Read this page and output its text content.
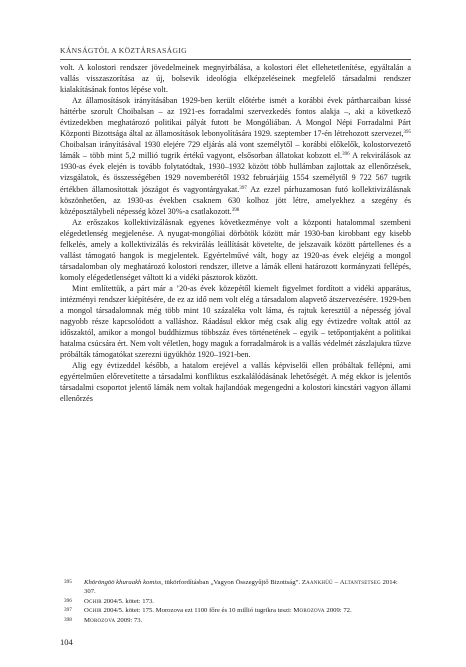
KÁNSÁGTÓL A KÖZTÁRSASÁGIG

volt. A kolostori rendszer jövedelmeinek megnyirbálása, a kolostori élet ellehetetlenítése, egyáltalán a vallás visszaszorítása az új, bolsevik ideológia elképzeléseinek megfelelő társadalmi rendszer kialakításának fontos lépése volt.

Az államosítások irányításában 1929-ben került előtérbe ismét a korábbi évek pártharcaiban kissé háttérbe szorult Choibalsan – az 1921-es forradalmi szervezkedés fontos alakja –, aki a következő évtizedekben meghatározó politikai pályát futott be Mongóliában. A Mongol Népi Forradalmi Párt Központi Bizottsága által az államosítások lebonyolítására 1929. szeptember 17-én létrehozott szervezet,$^{395}$ Choibalsan irányításával 1930 elejére 729 eljárás alá vont személytől – korábbi előkelők, kolostorvezető lámák – több mint 5,2 millió tugrik értékű vagyont, elsősorban állatokat kobzott el.$^{396}$ A rekvirálások az 1930-as évek elején is tovább folytatódtak, 1930–1932 között több hullámban zajlottak az ellenőrzések, vizsgálatok, és összességében 1929 novemberétől 1932 februárjáig 1554 személytől 9 722 567 tugrik értékben államosítottak jószágot és vagyontárgyakat.$^{397}$ Az ezzel párhuzamosan futó kollektivizálásnak köszönhetően, az 1930-as években csaknem 630 kolhoz jött létre, amelyekhez a szegény és középosztálybeli népesség közel 30%-a csatlakozott.$^{398}$

Az erőszakos kollektivizálásnak egyenes következménye volt a központi hatalommal szembeni elégedetlenség megjelenése. A nyugat-mongóliai dörbötök között már 1930-ban kirobbant egy kisebb felkelés, amely a kollektivizálás és rekvirálás leállítását követelte, de jelszavaik között pártellenes és a vallást támogató hangok is megjelentek. Egyértelművé vált, hogy az 1920-as évek elejéig a mongol társadalomban oly meghatározó kolostori rendszer, illetve a lámák elleni határozott kormányzati fellépés, komoly elégedetlenséget váltott ki a vidéki pásztorok között.

Mint említettük, a párt már a ’20-as évek közepétől kiemelt figyelmet fordított a vidéki apparátus, intézményi rendszer kiépítésére, de ez az idő nem volt elég a társadalom alapvető átszervezésére. 1929-ben a mongol társadalomnak még több mint 10 százaléka volt láma, és rajtuk keresztül a népesség jóval nagyobb része kapcsolódott a valláshoz. Ráadásul ekkor még csak alig egy évtizedre voltak attól az időszaktól, amikor a mongol buddhizmus többszáz éves történetének – egyik – tetőpontjaként a politikai hatalma csúcsára ért. Nem volt véletlen, hogy maguk a forradalmárok is a vallás védelmét zászlajukra tűzve próbálták támogatókat szerezni ügyükhöz 1920–1921-ben.

Alig egy évtizeddel később, a hatalom erejével a vallás képviselői ellen próbáltak fellépni, ami egyértelműen előrevetítette a társadalmi konfliktus eszkalálódásának lehetőségét. A még ekkor is jelentős társadalmi csoportot jelentő lámák nem voltak hajlandóak megengedni a kolostori kincstári vagyon állami ellenőrzés

395 Khöröngöö khuraakh komiss, tükörfordításban „Vagyon Összegyűjtő Bizottság”. Zaankhüü – Altantsetseg 2014: 307.

396 Ochir 2004/5. kötet: 173.

397 Ochir 2004/5. kötet: 175. Morozova ezt 1100 főre és 10 millió tugrikra teszi: Morozova 2009: 72.

398 Morozova 2009: 73.

104
